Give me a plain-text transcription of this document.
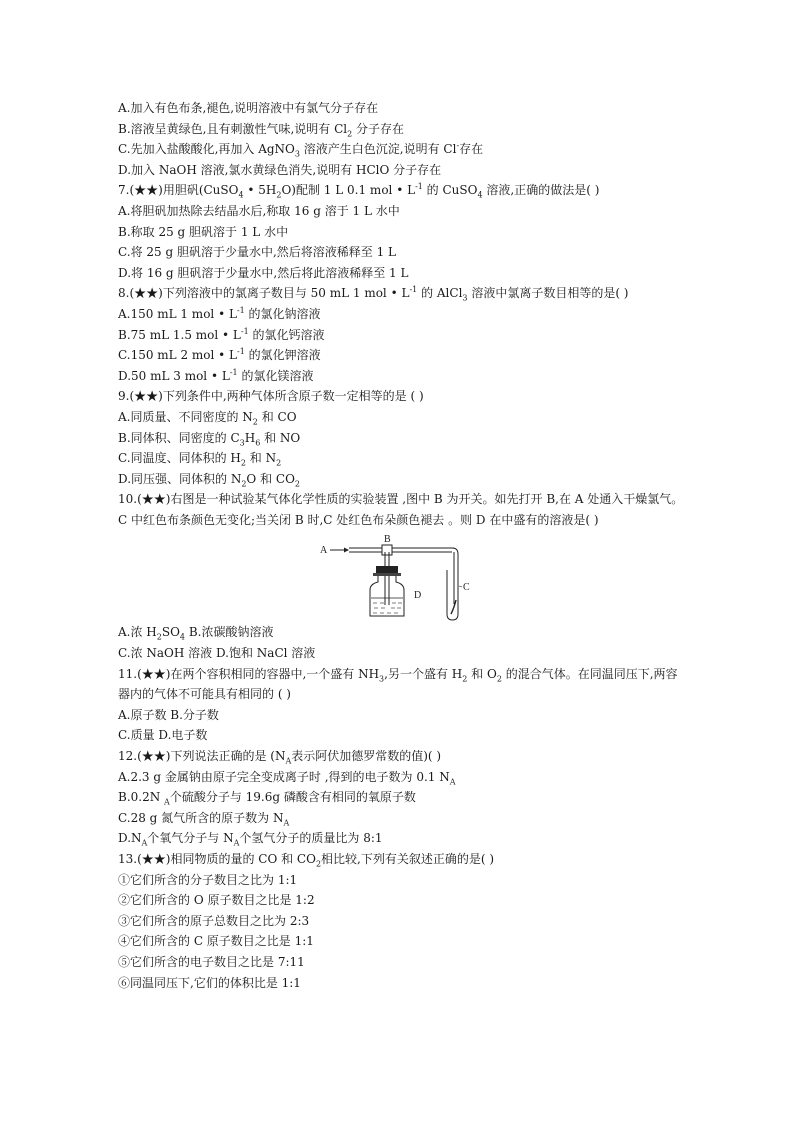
A.加入有色布条,褪色,说明溶液中有氯气分子存在
B.溶液呈黄绿色,且有刺激性气味,说明有 $Cl_2$ 分子存在
C.先加入盐酸酸化,再加入 AgNO$_3$ 溶液产生白色沉淀,说明有 Cl-存在
D.加入 NaOH 溶液,氯水黄绿色消失,说明有 HClO 分子存在
7.(★★)用胆矾(CuSO$_4$ • $5H_2O$)配制 1 L 0.1 mol • $L^{-1}$ 的 CuSO$_4$ 溶液,正确的做法是( )
A.将胆矾加热除去结晶水后,称取 16 g 溶于 1 L 水中
B.称取 25 g 胆矾溶于 1 L 水中
C.将 25 g 胆矾溶于少量水中,然后将溶液稀释至 1 L
D.将 16 g 胆矾溶于少量水中,然后将此溶液稀释至 1 L
8.(★★)下列溶液中的氯离子数目与 50 mL 1 mol • $L^{-1}$ 的 AlCl$_3$ 溶液中氯离子数目相等的是( )
A.150 mL 1 mol • $L^{-1}$ 的氯化钠溶液
B.75 mL 1.5 mol • $L^{-1}$ 的氯化钙溶液
C.150 mL 2 mol • $L^{-1}$ 的氯化钾溶液
D.50 mL 3 mol • $L^{-1}$ 的氯化镁溶液
9.(★★)下列条件中,两种气体所含原子数一定相等的是 ( )
A.同质量、不同密度的 $N_2$ 和 CO
B.同体积、同密度的 $C_3H_6$ 和 NO
C.同温度、同体积的 $H_2$ 和 $N_2$
D.同压强、同体积的 $N_2O$ 和 $CO_2$
10.(★★)右图是一种试验某气体化学性质的实验装置 ,图中 B 为开关。如先打开 B,在 A 处通入干燥氯气。C 中红色布条颜色无变化;当关闭 B 时,C 处红色布朵颜色褪去 。则 D 在中盛有的溶液是( )
A
B
D
C
A.浓 $H_2SO_4$ B.浓碳酸钠溶液
C.浓 NaOH 溶液 D.饱和 NaCl 溶液
11.(★★)在两个容积相同的容器中,一个盛有 $NH_3$,另一个盛有 $H_2$ 和 $O_2$ 的混合气体。在同温同压下,两容器内的气体不可能具有相同的 ( )
A.原子数 B.分子数
C.质量 D.电子数
12.(★★)下列说法正确的是 ($N_A$表示阿伏加德罗常数的值)( )
A.2.3 g 金属钠由原子完全变成离子时 ,得到的电子数为 0.1 $N_A$
B.0.2N $_A$个硫酸分子与 19.6g 磷酸含有相同的氧原子数
C.28 g 氮气所含的原子数为 $N_A$
$D.N_A$个氧气分子与 $N_A$个氢气分子的质量比为 8:1
13.(★★)相同物质的量的 CO 和 $CO_2$相比较,下列有关叙述正确的是( )
①它们所含的分子数目之比为 1:1
②它们所含的 O 原子数目之比是 1:2
③它们所含的原子总数目之比为 2:3
④它们所含的 C 原子数目之比是 1:1
⑤它们所含的电子数目之比是 7:11
⑥同温同压下,它们的体积比是 1:1
